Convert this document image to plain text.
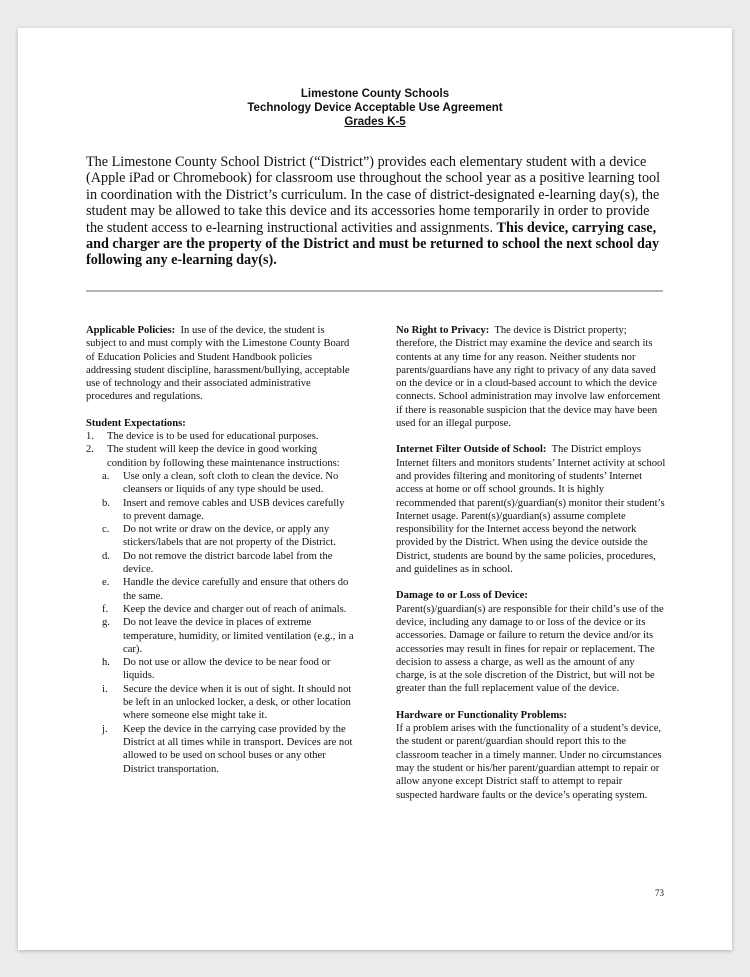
Limestone County Schools
Technology Device Acceptable Use Agreement
Grades K-5

The Limestone County School District (“District”) provides each elementary student with a device (Apple iPad or Chromebook) for classroom use throughout the school year as a positive learning tool in coordination with the District’s curriculum. In the case of district-designated e-learning day(s), the student may be allowed to take this device and its accessories home temporarily in order to provide the student access to e-learning instructional activities and assignments. This device, carrying case, and charger are the property of the District and must be returned to school the next school day following any e-learning day(s).

Applicable Policies: In use of the device, the student is subject to and must comply with the Limestone County Board of Education Policies and Student Handbook policies addressing student discipline, harassment/bullying, acceptable use of technology and their associated administrative procedures and regulations.
Student Expectations:
1.	The device is to be used for educational purposes.
2.	The student will keep the device in good working condition by following these maintenance instructions:
a.	Use only a clean, soft cloth to clean the device. No cleansers or liquids of any type should be used.
b.	Insert and remove cables and USB devices carefully to prevent damage.
c.	Do not write or draw on the device, or apply any stickers/labels that are not property of the District.
d.	Do not remove the district barcode label from the device.
e.	Handle the device carefully and ensure that others do the same.
f.	Keep the device and charger out of reach of animals.
g.	Do not leave the device in places of extreme temperature, humidity, or limited ventilation (e.g., in a car).
h.	Do not use or allow the device to be near food or liquids.
i.	Secure the device when it is out of sight. It should not be left in an unlocked locker, a desk, or other location where someone else might take it.
j.	Keep the device in the carrying case provided by the District at all times while in transport. Devices are not allowed to be used on school buses or any other District transportation.
No Right to Privacy: The device is District property; therefore, the District may examine the device and search its contents at any time for any reason. Neither students nor parents/guardians have any right to privacy of any data saved on the device or in a cloud-based account to which the device connects. School administration may involve law enforcement if there is reasonable suspicion that the device may have been used for an illegal purpose.
Internet Filter Outside of School: The District employs Internet filters and monitors students’ Internet activity at school and provides filtering and monitoring of students’ Internet access at home or off school grounds. It is highly recommended that parent(s)/guardian(s) monitor their student’s Internet usage. Parent(s)/guardian(s) assume complete responsibility for the Internet access beyond the network provided by the District. When using the device outside the District, students are bound by the same policies, procedures, and guidelines as in school.
Damage to or Loss of Device:
Parent(s)/guardian(s) are responsible for their child’s use of the device, including any damage to or loss of the device or its accessories. Damage or failure to return the device and/or its accessories may result in fines for repair or replacement. The decision to assess a charge, as well as the amount of any charge, is at the sole discretion of the District, but will not be greater than the full replacement value of the device.
Hardware or Functionality Problems:
If a problem arises with the functionality of a student’s device, the student or parent/guardian should report this to the classroom teacher in a timely manner. Under no circumstances may the student or his/her parent/guardian attempt to repair or allow anyone except District staff to attempt to repair suspected hardware faults or the device’s operating system.
73
